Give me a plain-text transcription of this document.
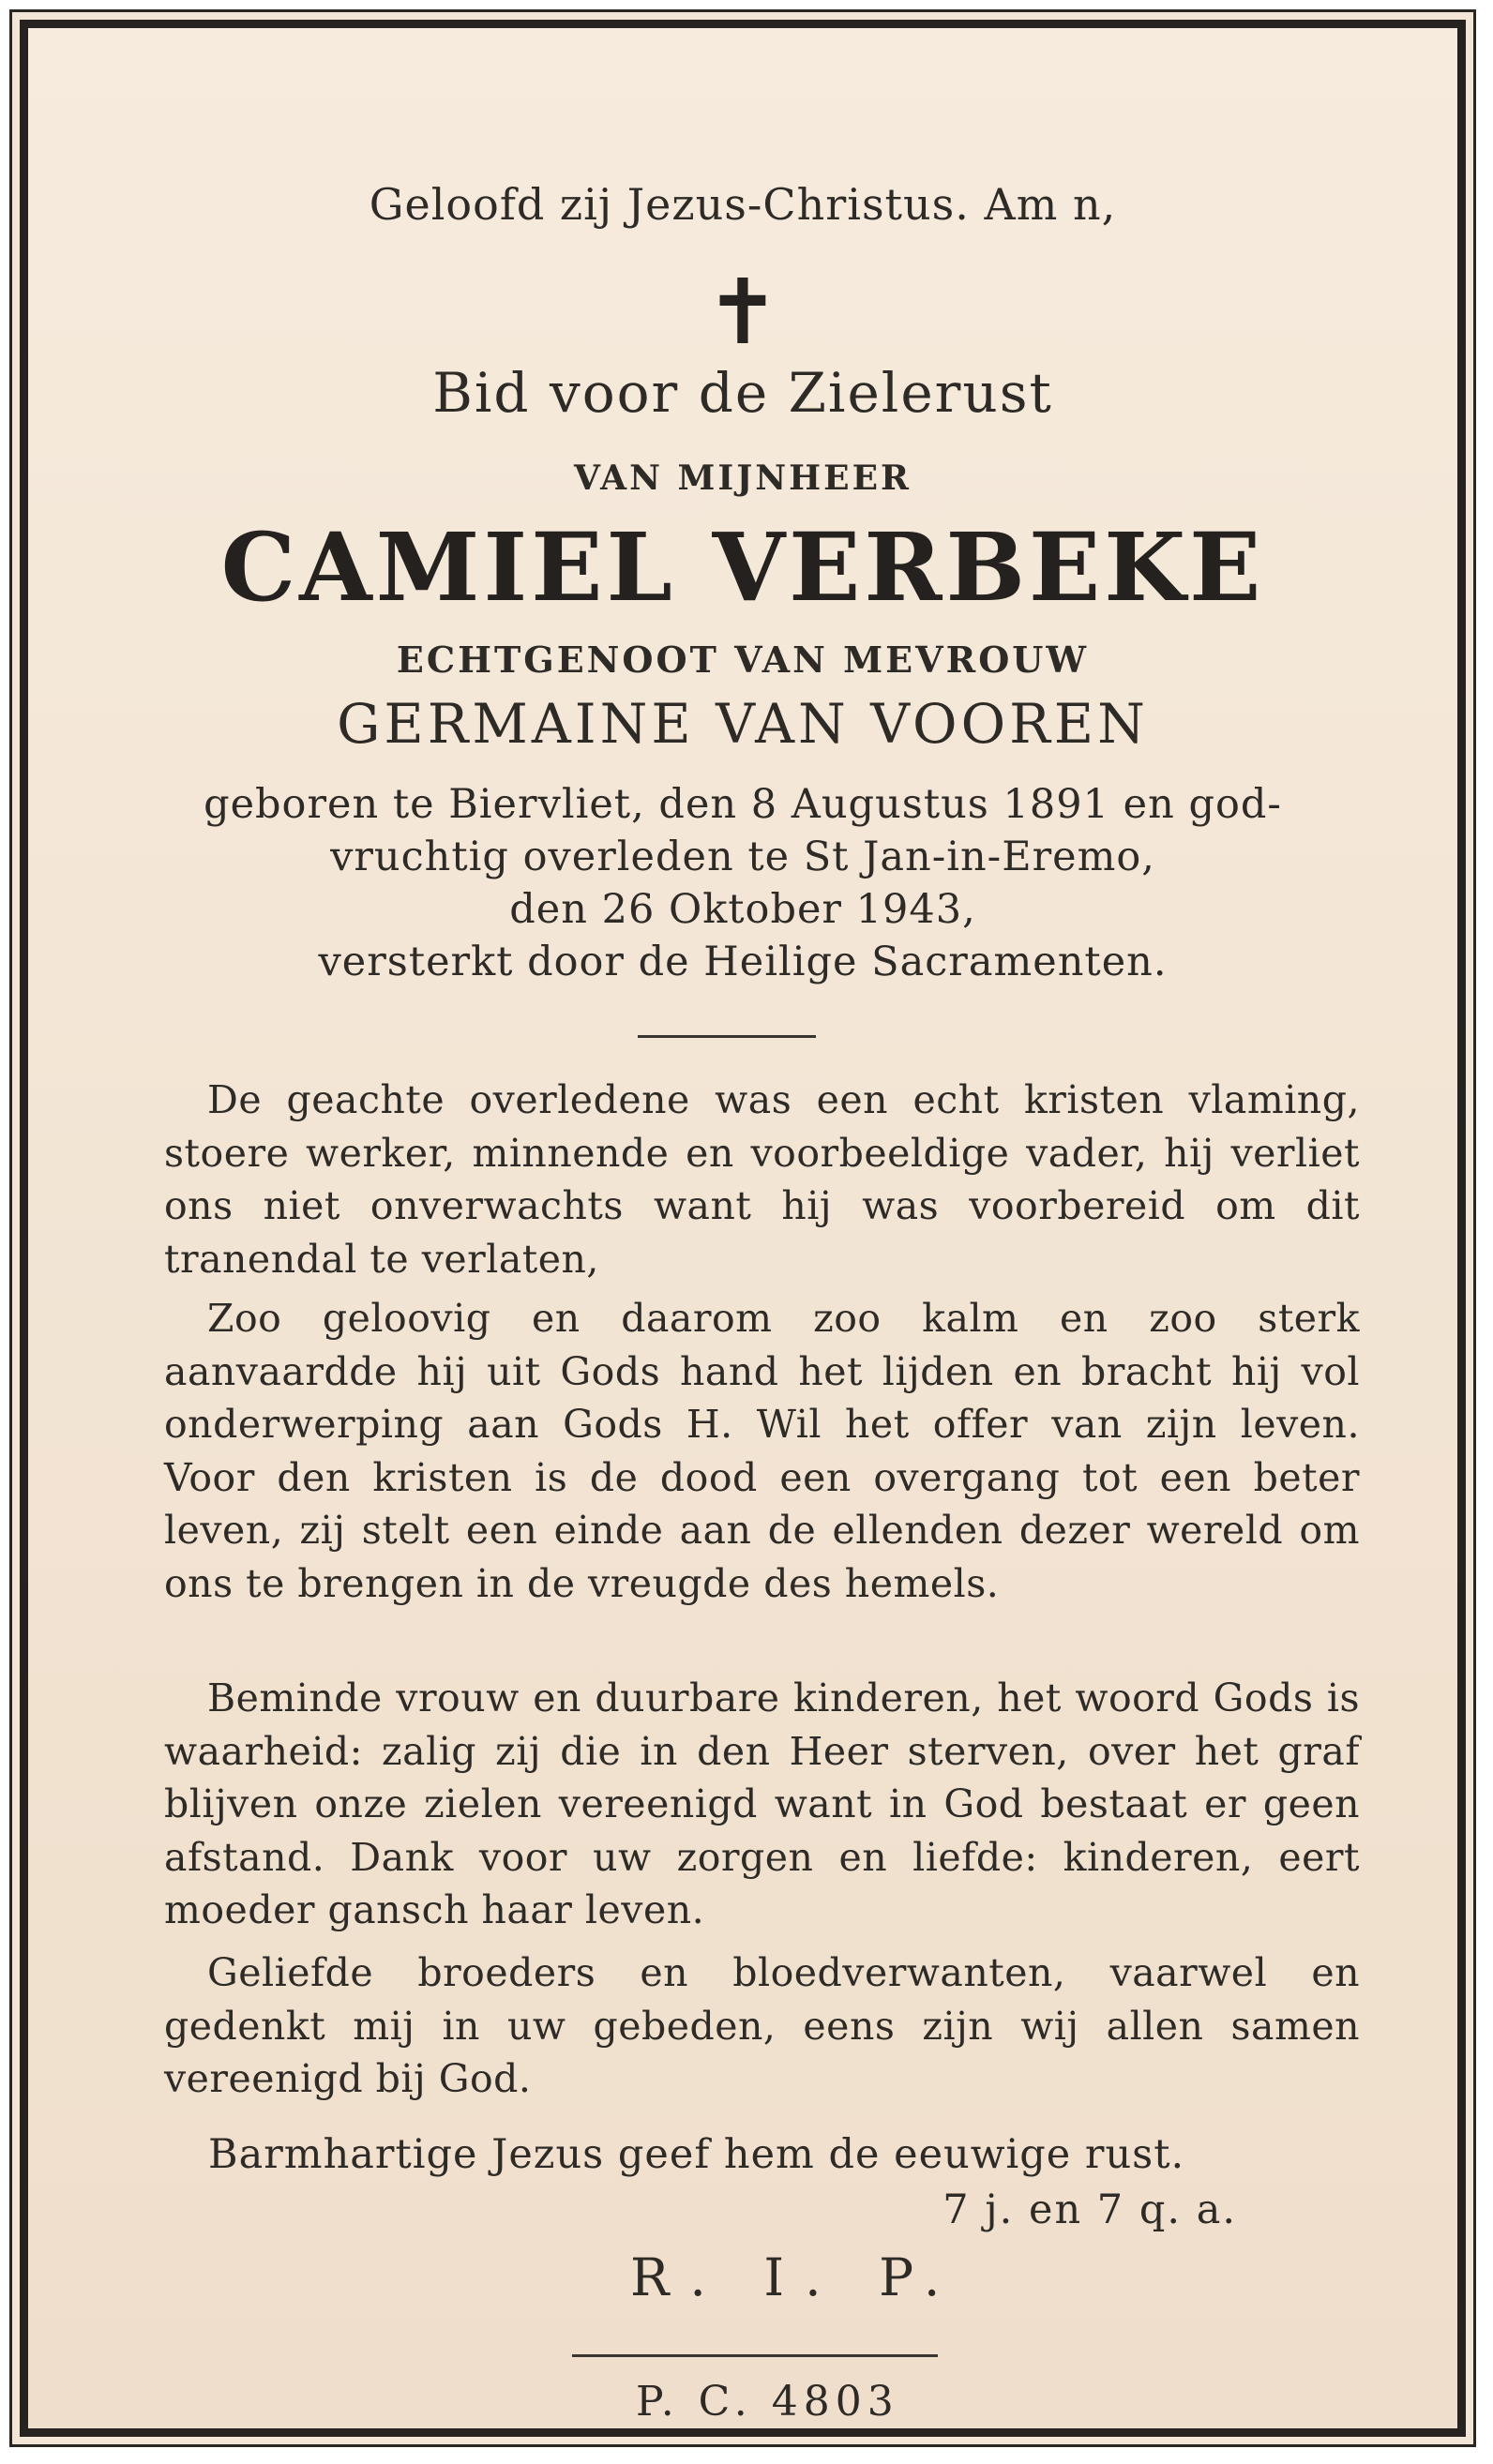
Geloofd zij Jezus-Christus. Am n,

✝

Bid voor de Zielerust

VAN MIJNHEER

CAMIEL VERBEKE

ECHTGENOOT VAN MEVROUW

GERMAINE VAN VOOREN

geboren te Biervliet, den 8 Augustus 1891 en god-
vruchtig overleden te St Jan-in-Eremo,
den 26 Oktober 1943,
versterkt door de Heilige Sacramenten.

De geachte overledene was een echt kristen vlaming, stoere werker, minnende en voorbeeldige vader, hij verliet ons niet onverwachts want hij was voorbereid om dit tranendal te verlaten,

Zoo geloovig en daarom zoo kalm en zoo sterk aanvaardde hij uit Gods hand het lijden en bracht hij vol onderwerping aan Gods H. Wil het offer van zijn leven. Voor den kristen is de dood een overgang tot een beter leven, zij stelt een einde aan de ellenden dezer wereld om ons te brengen in de vreugde des hemels.

Beminde vrouw en duurbare kinderen, het woord Gods is waarheid: zalig zij die in den Heer sterven, over het graf blijven onze zielen vereenigd want in God bestaat er geen afstand. Dank voor uw zorgen en liefde: kinderen, eert moeder gansch haar leven.

Geliefde broeders en bloedverwanten, vaarwel en gedenkt mij in uw gebeden, eens zijn wij allen samen vereenigd bij God.

Barmhartige Jezus geef hem de eeuwige rust.

7 j. en 7 q. a.

R. I. P.

P. C. 4803
